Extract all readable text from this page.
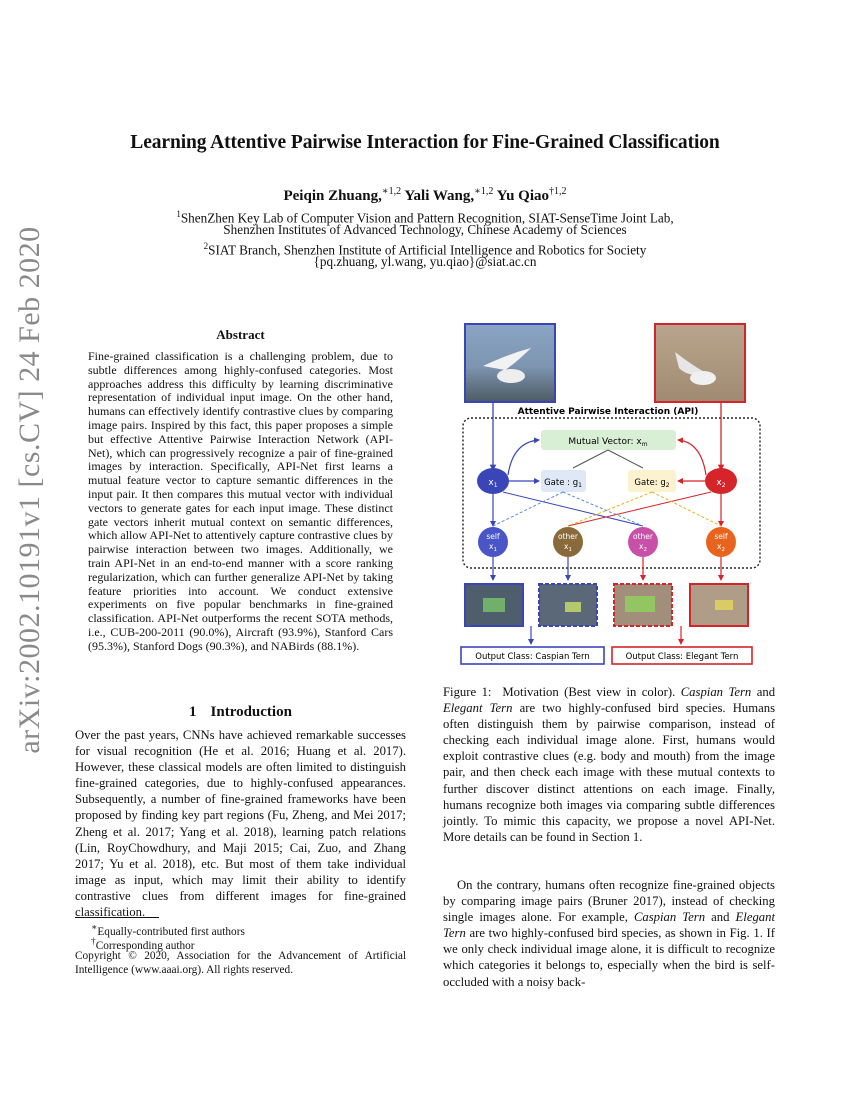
Learning Attentive Pairwise Interaction for Fine-Grained Classification
Peiqin Zhuang,$^{∗1,2}$ Yali Wang,$^{∗1,2}$ Yu Qiao$^{\dagger 1,2}$
$^1$ShenZhen Key Lab of Computer Vision and Pattern Recognition, SIAT-SenseTime Joint Lab,
Shenzhen Institutes of Advanced Technology, Chinese Academy of Sciences
$^2$SIAT Branch, Shenzhen Institute of Artificial Intelligence and Robotics for Society
{pq.zhuang, yl.wang, yu.qiao}@siat.ac.cn
arXiv:2002.10191v1 [cs.CV] 24 Feb 2020	Abstract
Fine-grained classification is a challenging problem, due to subtle differences among highly-confused categories. Most approaches address this difficulty by learning discriminative representation of individual input image. On the other hand, humans can effectively identify contrastive clues by comparing image pairs. Inspired by this fact, this paper proposes a simple but effective Attentive Pairwise Interaction Network (API-Net), which can progressively recognize a pair of fine-grained images by interaction. Specifically, API-Net first learns a mutual feature vector to capture semantic differences in the input pair. It then compares this mutual vector with individual vectors to generate gates for each input image. These distinct gate vectors inherit mutual context on semantic differences, which allow API-Net to attentively capture contrastive clues by pairwise interaction between two images. Additionally, we train API-Net in an end-to-end manner with a score ranking regularization, which can further generalize API-Net by taking feature priorities into account. We conduct extensive experiments on five popular benchmarks in fine-grained classification. API-Net outperforms the recent SOTA methods, i.e., CUB-200-2011 (90.0%), Aircraft (93.9%), Stanford Cars (95.3%), Stanford Dogs (90.3%), and NABirds (88.1%).
1 Introduction
Over the past years, CNNs have achieved remarkable successes for visual recognition (He et al. 2016; Huang et al. 2017). However, these classical models are often limited to distinguish fine-grained categories, due to highly-confused appearances. Subsequently, a number of fine-grained frameworks have been proposed by finding key part regions (Fu, Zheng, and Mei 2017; Zheng et al. 2017; Yang et al. 2018), learning patch relations (Lin, RoyChowdhury, and Maji 2015; Cai, Zuo, and Zhang 2017; Yu et al. 2018), etc. But most of them take individual image as input, which may limit their ability to identify contrastive clues from different images for fine-grained classification.
∗Equally-contributed first authors
†Corresponding author
Copyright © 2020, Association for the Advancement of Artificial Intelligence (www.aaai.org). All rights reserved.
Attentive Pairwise Interaction (API)
Mutual Vector: $x_m$
Gate : $g_1$	Gate: $g_2$
$x_1$	$x_2$
self
$x_1$
other
$x_1$
other
$x_2$
self
$x_2$
Output Class: Caspian Tern	Output Class: Elegant Tern
Figure 1: Motivation (Best view in color). Caspian Tern and Elegant Tern are two highly-confused bird species. Humans often distinguish them by pairwise comparison, instead of checking each individual image alone. First, humans would exploit contrastive clues (e.g. body and mouth) from the image pair, and then check each image with these mutual contexts to further discover distinct attentions on each image. Finally, humans recognize both images via comparing subtle differences jointly. To mimic this capacity, we propose a novel API-Net. More details can be found in Section 1.
On the contrary, humans often recognize fine-grained objects by comparing image pairs (Bruner 2017), instead of checking single images alone. For example, Caspian Tern and Elegant Tern are two highly-confused bird species, as shown in Fig. 1. If we only check individual image alone, it is difficult to recognize which categories it belongs to, especially when the bird is self-occluded with a noisy back-
